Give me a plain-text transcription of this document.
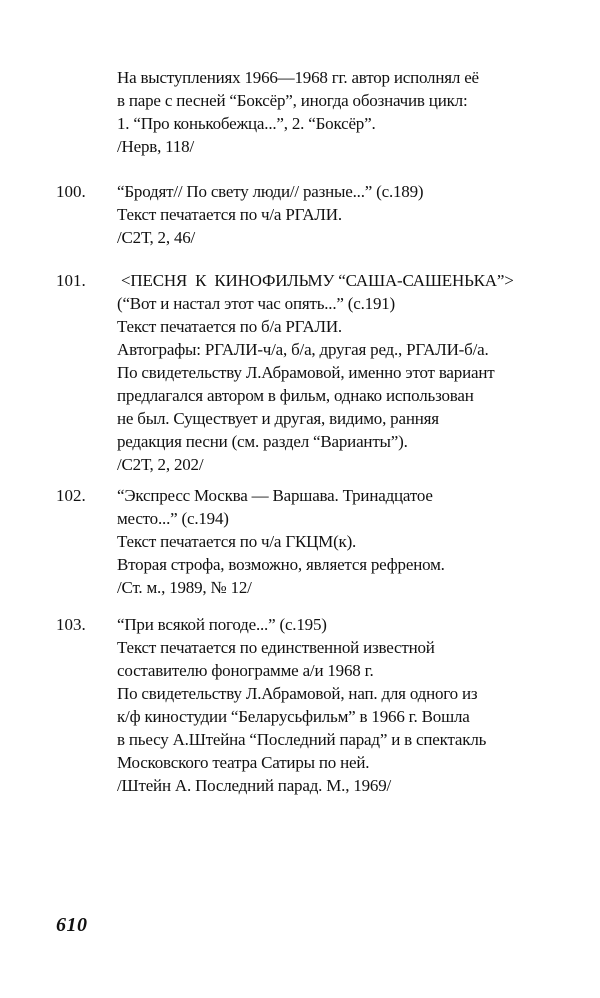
На выступлениях 1966—1968 гг. автор исполнял её
в паре с песней “Боксёр”, иногда обозначив цикл:
1. “Про конькобежца...”, 2. “Боксёр”.
/Нерв, 118/
100. “Бродят// По свету люди// разные...” (с.189)
Текст печатается по ч/а РГАЛИ.
/С2Т, 2, 46/
101. <ПЕСНЯ  К  КИНОФИЛЬМУ “САША-САШЕНЬКА”>
(“Вот и настал этот час опять...” (с.191)
Текст печатается по б/а РГАЛИ.
Автографы: РГАЛИ-ч/а, б/а, другая ред., РГАЛИ-б/а.
По свидетельству Л.Абрамовой, именно этот вариант
предлагался автором в фильм, однако использован
не был. Существует и другая, видимо, ранняя
редакция песни (см. раздел “Варианты”).
/С2Т, 2, 202/
102. “Экспресс Москва — Варшава. Тринадцатое
место...” (с.194)
Текст печатается по ч/а ГКЦМ(к).
Вторая строфа, возможно, является рефреном.
/Ст. м., 1989, № 12/
103. “При всякой погоде...” (с.195)
Текст печатается по единственной известной
составителю фонограмме а/и 1968 г.
По свидетельству Л.Абрамовой, нап. для одного из
к/ф киностудии “Беларусьфильм” в 1966 г. Вошла
в пьесу А.Штейна “Последний парад” и в спектакль
Московского театра Сатиры по ней.
/Штейн А. Последний парад. М., 1969/
610
